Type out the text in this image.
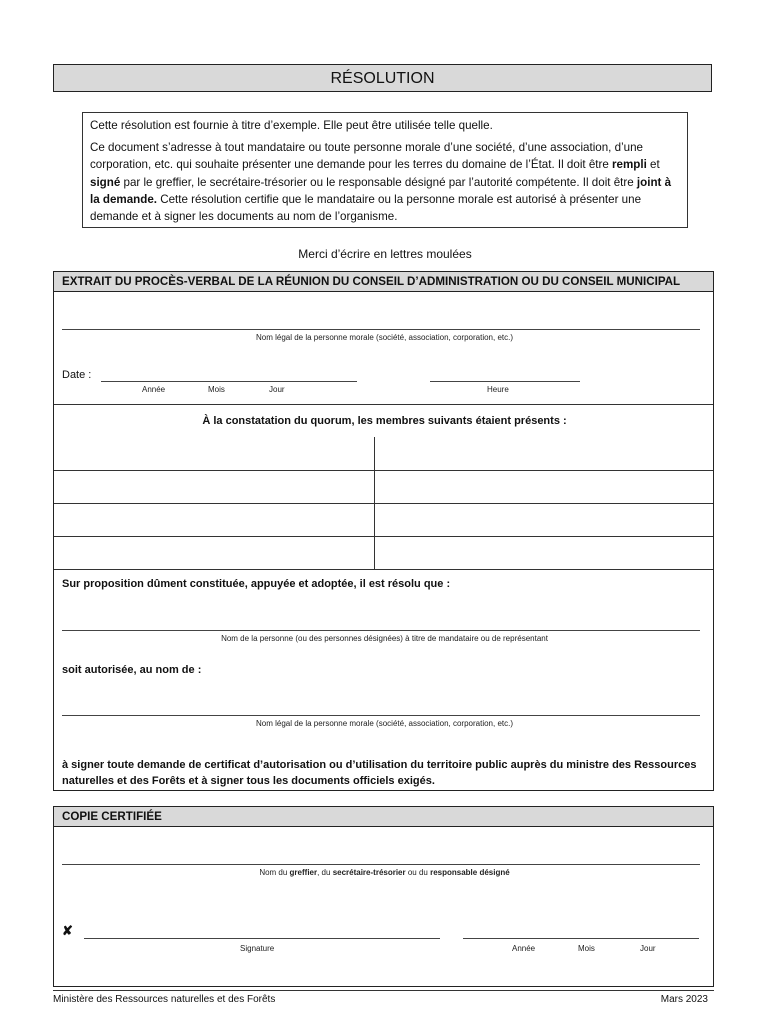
RÉSOLUTION

Cette résolution est fournie à titre d’exemple. Elle peut être utilisée telle quelle.

Ce document s’adresse à tout mandataire ou toute personne morale d’une société, d’une association, d’une corporation, etc. qui souhaite présenter une demande pour les terres du domaine de l’État. Il doit être rempli et signé par le greffier, le secrétaire-trésorier ou le responsable désigné par l’autorité compétente. Il doit être joint à la demande. Cette résolution certifie que le mandataire ou la personne morale est autorisé à présenter une demande et à signer les documents au nom de l’organisme.

Merci d’écrire en lettres moulées
EXTRAIT DU PROCÈS-VERBAL DE LA RÉUNION DU CONSEIL D’ADMINISTRATION OU DU CONSEIL MUNICIPAL
Nom légal de la personne morale (société, association, corporation, etc.)
Date :
Année	Mois	Jour	Heure
À la constatation du quorum, les membres suivants étaient présents :
Sur proposition dûment constituée, appuyée et adoptée, il est résolu que :
Nom de la personne (ou des personnes désignées) à titre de mandataire ou de représentant
soit autorisée, au nom de :
Nom légal de la personne morale (société, association, corporation, etc.)
à signer toute demande de certificat d’autorisation ou d’utilisation du territoire public auprès du ministre des Ressources naturelles et des Forêts et à signer tous les documents officiels exigés.
COPIE CERTIFIÉE
Nom du greffier, du secrétaire-trésorier ou du responsable désigné
✘
Signature	Année	Mois	Jour
Ministère des Ressources naturelles et des Forêts	Mars 2023
